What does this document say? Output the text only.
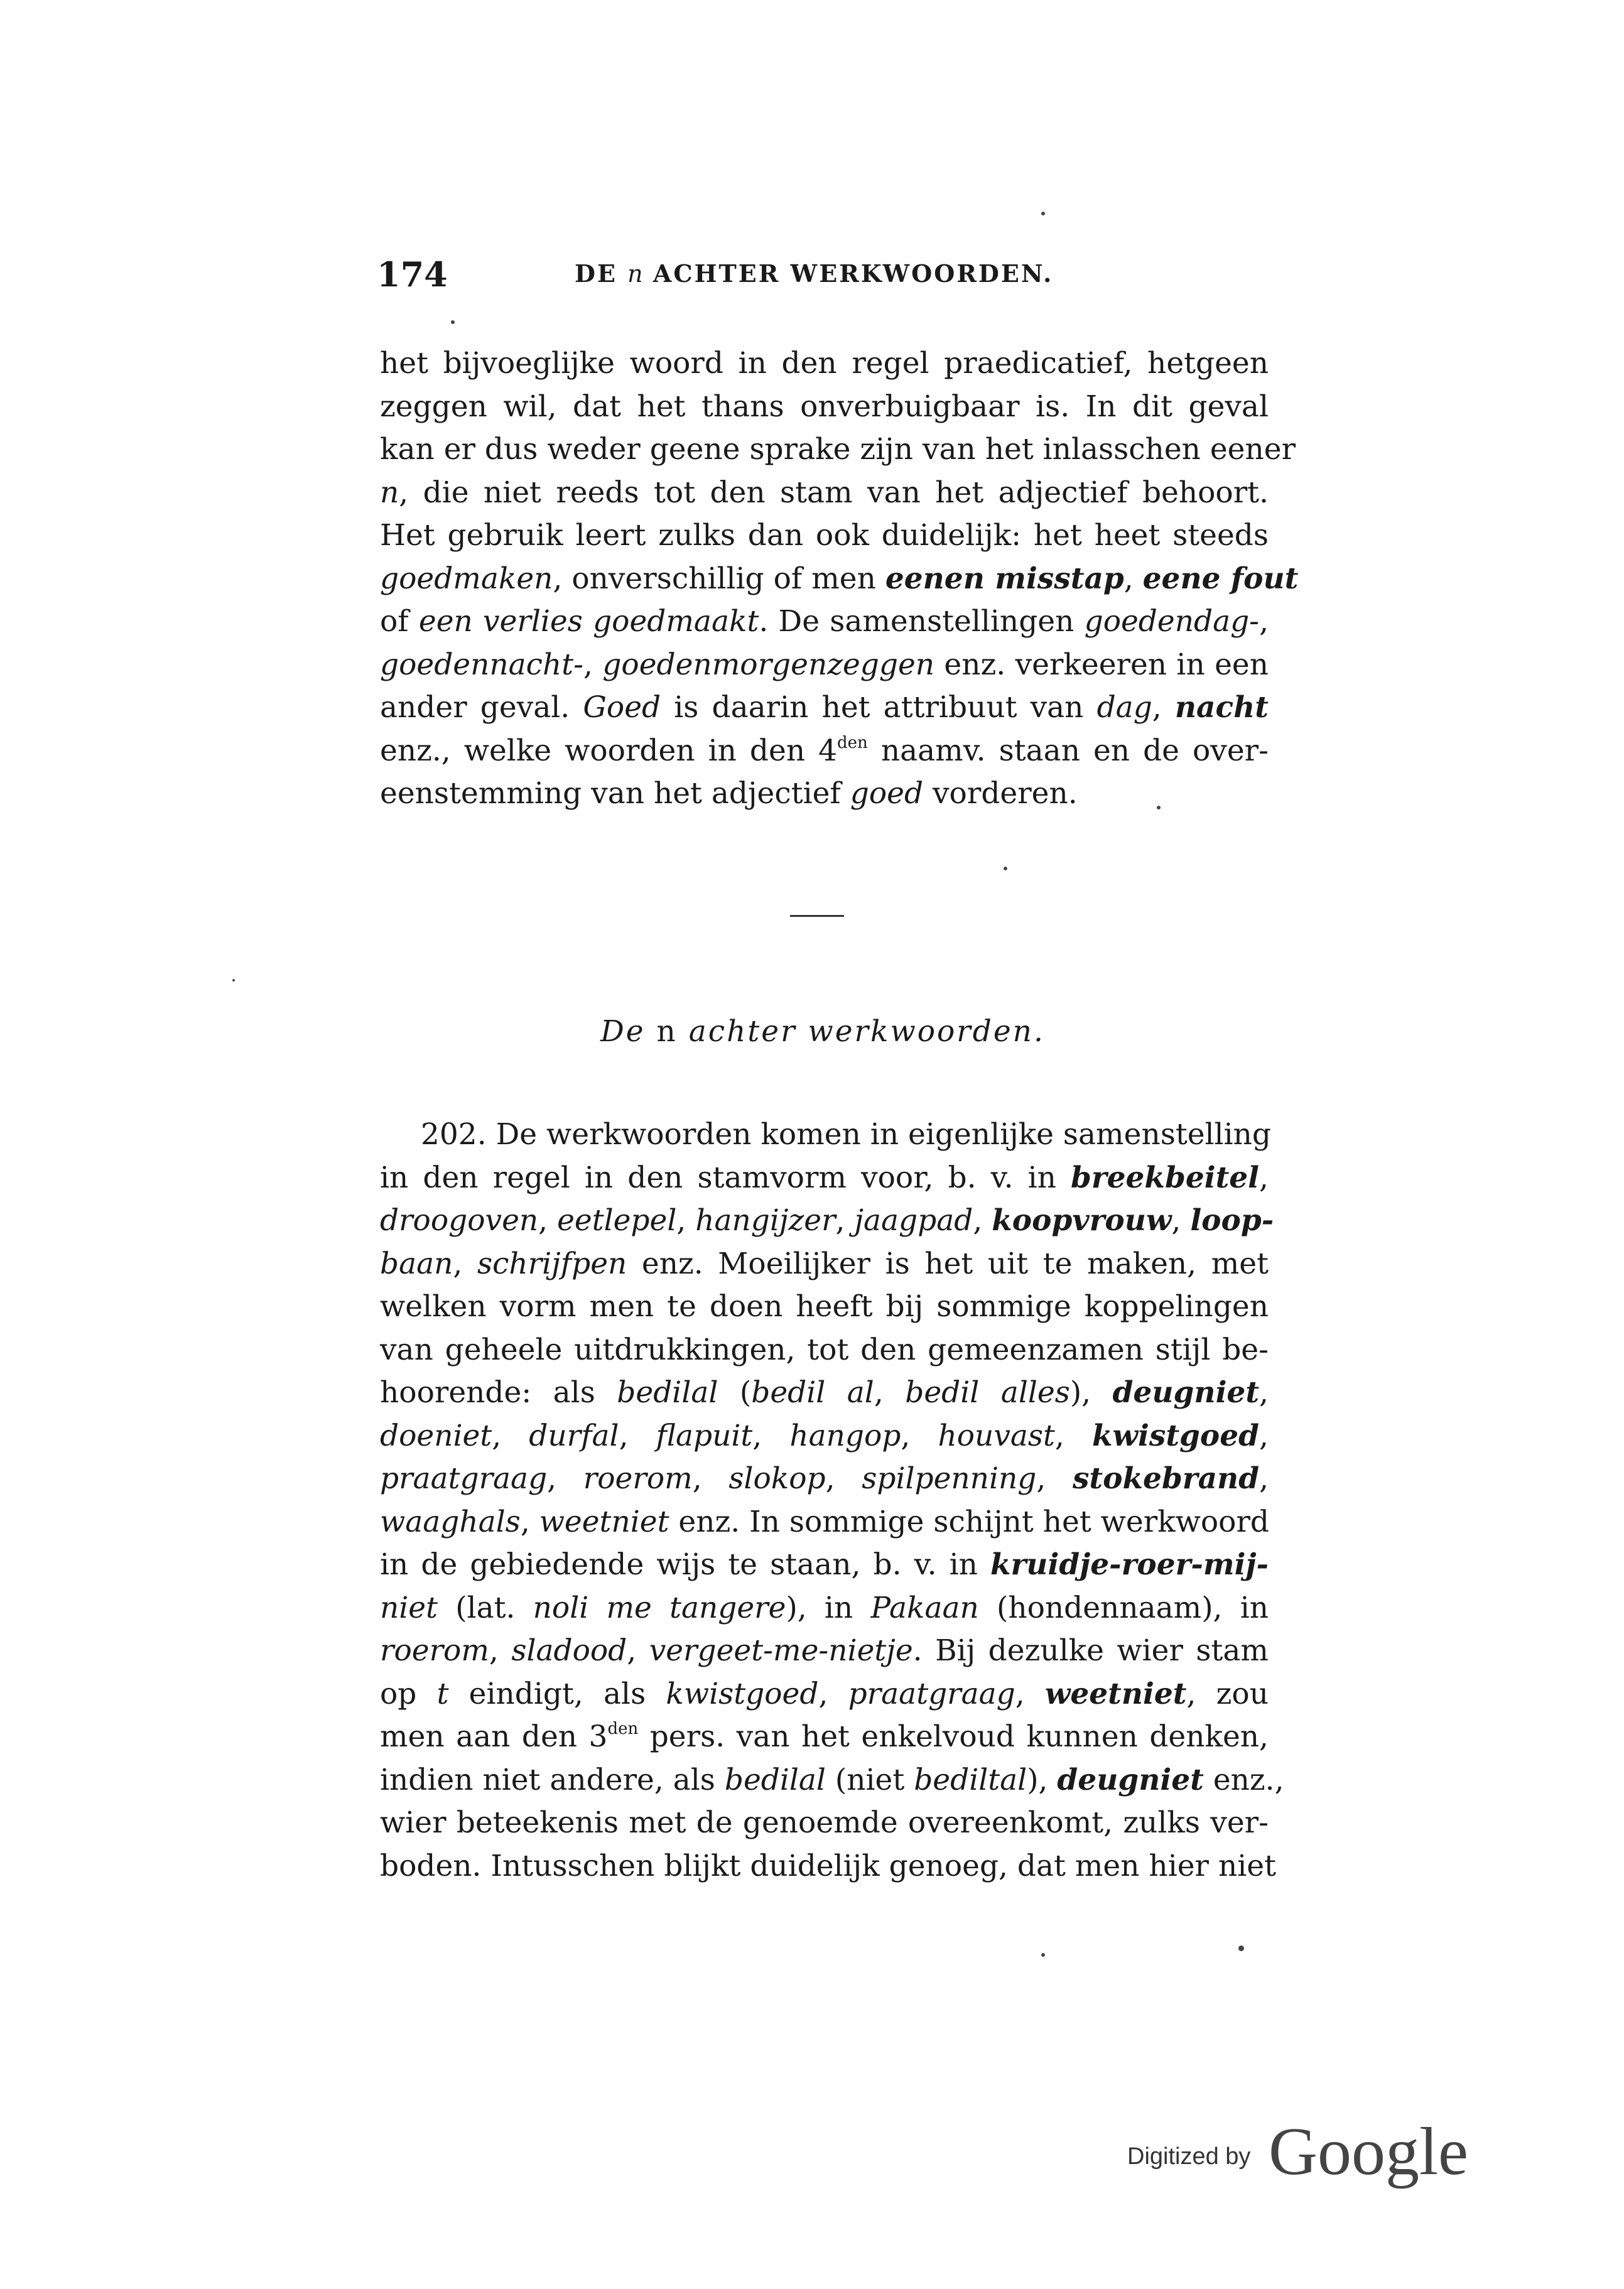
174	DE n ACHTER WERKWOORDEN.
het bijvoeglijke woord in den regel praedicatief, hetgeen
zeggen wil, dat het thans onverbuigbaar is. In dit geval
kan er dus weder geene sprake zijn van het inlasschen eener
n, die niet reeds tot den stam van het adjectief behoort.
Het gebruik leert zulks dan ook duidelijk: het heet steeds
goedmaken, onverschillig of men eenen misstap, eene fout
of een verlies goedmaakt. De samenstellingen goedendag-,
goedennacht-, goedenmorgenzeggen enz. verkeeren in een
ander geval. Goed is daarin het attribuut van dag, nacht
enz., welke woorden in den $4^{den}$ naamv. staan en de over-
eenstemming van het adjectief goed vorderen.
De n achter werkwoorden.
202. De werkwoorden komen in eigenlijke samenstelling
in den regel in den stamvorm voor, b. v. in breekbeitel,
droogoven, eetlepel, hangijzer, jaagpad, koopvrouw, loop-
baan, schrijfpen enz. Moeilijker is het uit te maken, met
welken vorm men te doen heeft bij sommige koppelingen
van geheele uitdrukkingen, tot den gemeenzamen stijl be-
hoorende: als bedilal (bedil al, bedil alles), deugniet,
doeniet, durfal, flapuit, hangop, houvast, kwistgoed,
praatgraag, roerom, slokop, spilpenning, stokebrand,
waaghals, weetniet enz. In sommige schijnt het werkwoord
in de gebiedende wijs te staan, b. v. in kruidje-roer-mij-
niet (lat. noli me tangere), in Pakaan (hondennaam), in
roerom, sladood, vergeet-me-nietje. Bij dezulke wier stam
op t eindigt, als kwistgoed, praatgraag, weetniet, zou
men aan den $3^{den}$ pers. van het enkelvoud kunnen denken,
indien niet andere, als bedilal (niet bediltal), deugniet enz.,
wier beteekenis met de genoemde overeenkomt, zulks ver-
boden. Intusschen blijkt duidelijk genoeg, dat men hier niet
Digitized by Google
